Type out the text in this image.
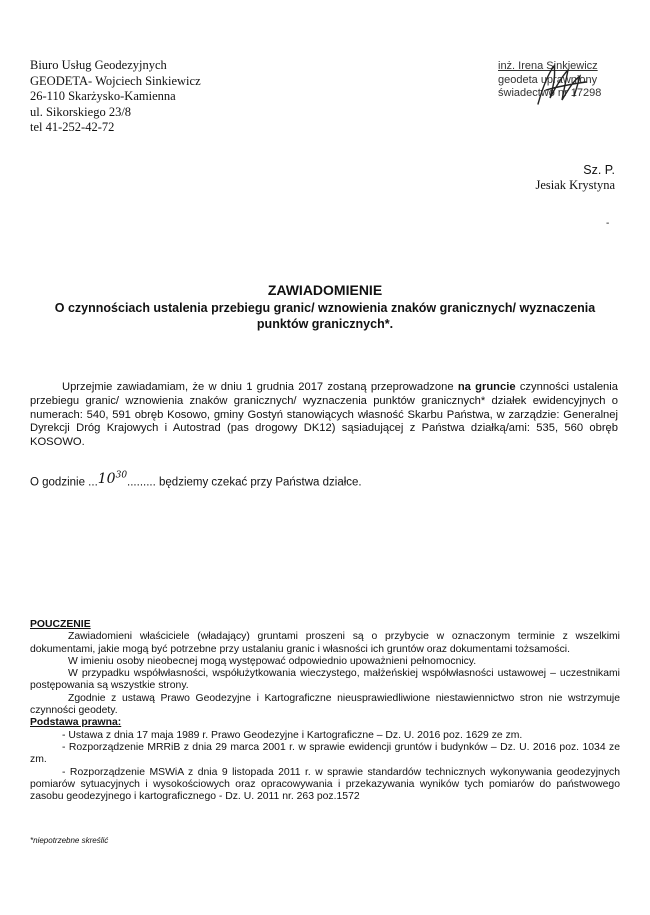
Biuro Usług Geodezyjnych
GEODETA- Wojciech Sinkiewicz
26-110 Skarżysko-Kamienna
ul. Sikorskiego 23/8
tel 41-252-42-72
inż. Irena Sinkiewicz
geodeta uprawniony
świadectwo nr 17298
Sz. P.
Jesiak Krystyna
-
ZAWIADOMIENIE
O czynnościach ustalenia przebiegu granic/ wznowienia znaków granicznych/ wyznaczenia punktów granicznych*.

Uprzejmie zawiadamiam, że w dniu 1 grudnia 2017 zostaną przeprowadzone na gruncie czynności ustalenia przebiegu granic/ wznowienia znaków granicznych/ wyznaczenia punktów granicznych* działek ewidencyjnych o numerach: 540, 591 obręb Kosowo, gminy Gostyń stanowiących własność Skarbu Państwa, w zarządzie: Generalnej Dyrekcji Dróg Krajowych i Autostrad (pas drogowy DK12) sąsiadującej z Państwa działką/ami: 535, 560 obręb KOSOWO.

O godzinie ...10$^{30}$......... będziemy czekać przy Państwa działce.
POUCZENIE

Zawiadomieni właściciele (władający) gruntami proszeni są o przybycie w oznaczonym terminie z wszelkimi dokumentami, jakie mogą być potrzebne przy ustalaniu granic i własności ich gruntów oraz dokumentami tożsamości.

W imieniu osoby nieobecnej mogą występować odpowiednio upoważnieni pełnomocnicy.

W przypadku współwłasności, współużytkowania wieczystego, małżeńskiej współwłasności ustawowej – uczestnikami postępowania są wszystkie strony.

Zgodnie z ustawą Prawo Geodezyjne i Kartograficzne nieusprawiedliwione niestawiennictwo stron nie wstrzymuje czynności geodety.

Podstawa prawna:
- Ustawa z dnia 17 maja 1989 r. Prawo Geodezyjne i Kartograficzne – Dz. U. 2016 poz. 1629 ze zm.
- Rozporządzenie MRRiB z dnia 29 marca 2001 r. w sprawie ewidencji gruntów i budynków – Dz. U. 2016 poz. 1034 ze zm.
- Rozporządzenie MSWiA z dnia 9 listopada 2011 r. w sprawie standardów technicznych wykonywania geodezyjnych pomiarów sytuacyjnych i wysokościowych oraz opracowywania i przekazywania wyników tych pomiarów do państwowego zasobu geodezyjnego i kartograficznego - Dz. U. 2011 nr. 263 poz.1572
*niepotrzebne skreślić
